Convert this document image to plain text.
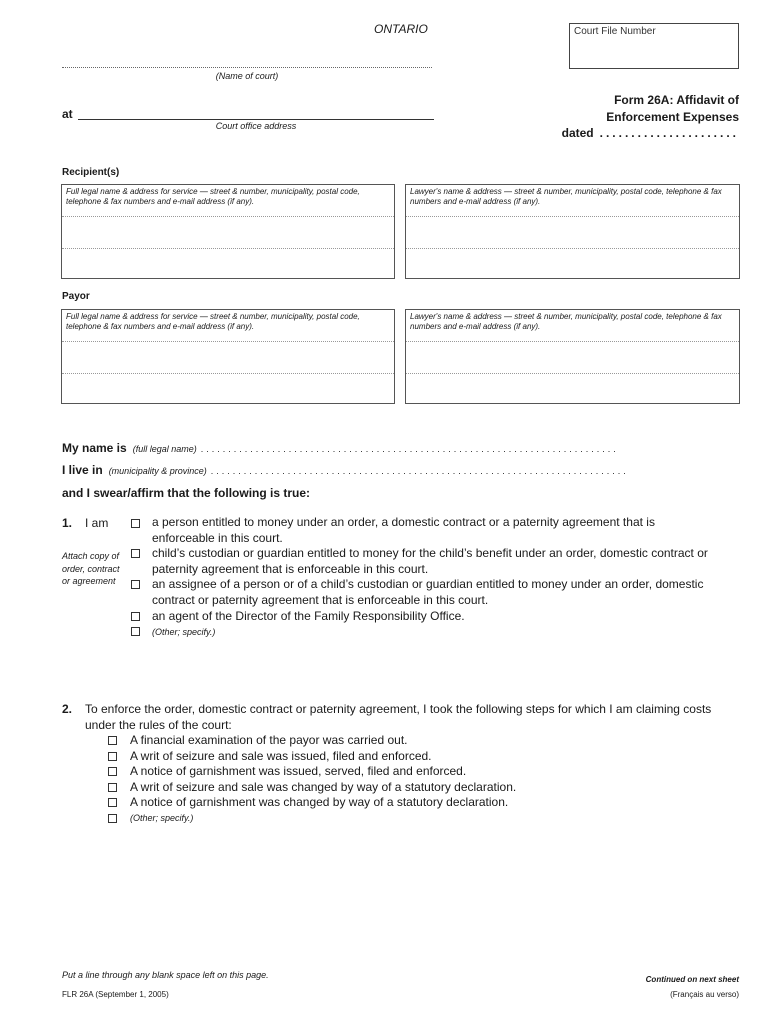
ONTARIO	Court File Number
(Name of court)
at
Court office address
Form 26A: Affidavit of
Enforcement Expenses
dated ......................
Recipient(s)
Full legal name & address for service — street & number, municipality, postal code, telephone & fax numbers and e-mail address (if any).
Lawyer's name & address — street & number, municipality, postal code, telephone & fax numbers and e-mail address (if any).
Payor
Full legal name & address for service — street & number, municipality, postal code, telephone & fax numbers and e-mail address (if any).
Lawyer's name & address — street & number, municipality, postal code, telephone & fax numbers and e-mail address (if any).
My name is (full legal name) ............................................................................
I live in (municipality & province) ............................................................................
and I swear/affirm that the following is true:
1. I am
Attach copy of order, contract or agreement
a person entitled to money under an order, a domestic contract or a paternity agreement that is
enforceable in this court.
child’s custodian or guardian entitled to money for the child’s benefit under an order, domestic contract or
paternity agreement that is enforceable in this court.
an assignee of a person or of a child’s custodian or guardian entitled to money under an order, domestic
contract or paternity agreement that is enforceable in this court.
an agent of the Director of the Family Responsibility Office.
(Other; specify.)
2. To enforce the order, domestic contract or paternity agreement, I took the following steps for which I am claiming costs
under the rules of the court:
A financial examination of the payor was carried out.
A writ of seizure and sale was issued, filed and enforced.
A notice of garnishment was issued, served, filed and enforced.
A writ of seizure and sale was changed by way of a statutory declaration.
A notice of garnishment was changed by way of a statutory declaration.
(Other; specify.)
Put a line through any blank space left on this page.
FLR 26A (September 1, 2005)
Continued on next sheet
(Français au verso)
